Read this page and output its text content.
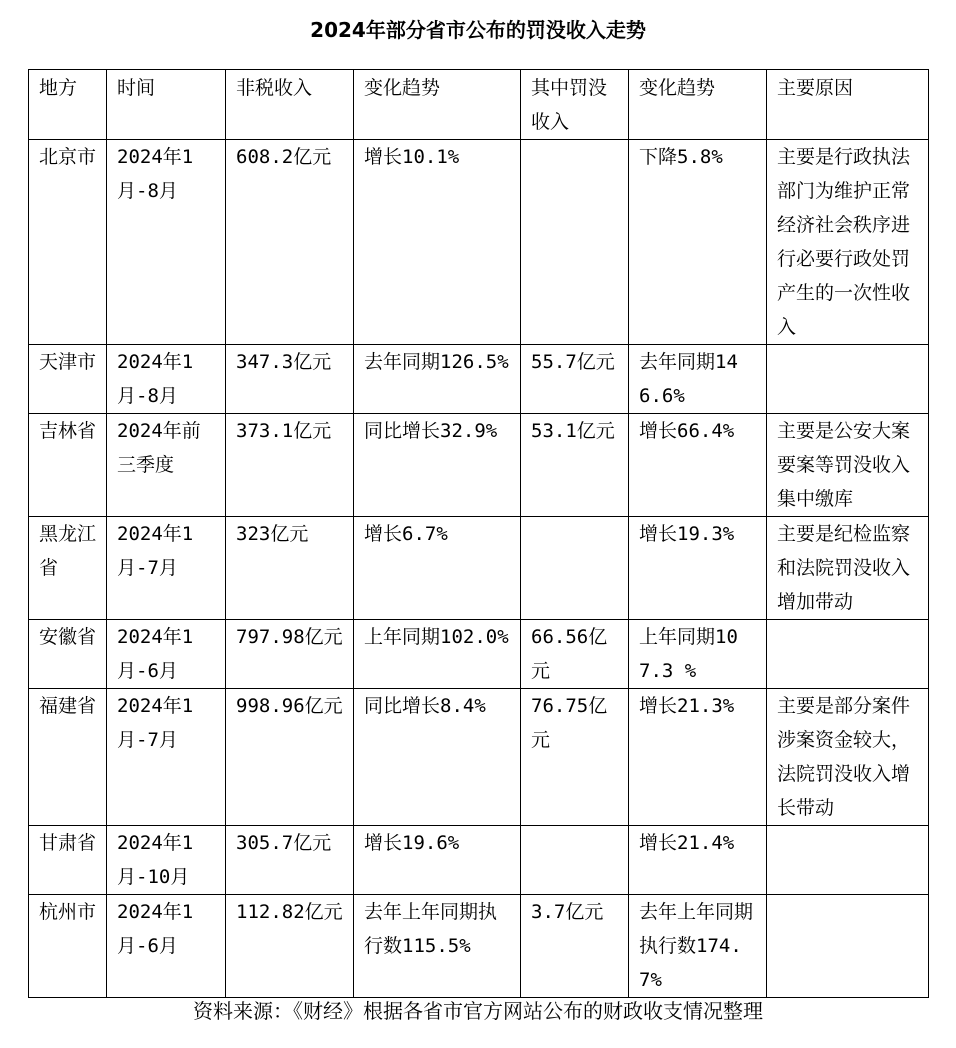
2024年部分省市公布的罚没收入走势
地方	时间	非税收入	变化趋势	其中罚没收入	变化趋势	主要原因
北京市	2024年1月-8月	608.2亿元	增长10.1%		下降5.8%	主要是行政执法部门为维护正常经济社会秩序进行必要行政处罚产生的一次性收入
天津市	2024年1月-8月	347.3亿元	去年同期126.5%	55.7亿元	去年同期146.6%	
吉林省	2024年前三季度	373.1亿元	同比增长32.9%	53.1亿元	增长66.4%	主要是公安大案要案等罚没收入集中缴库
黑龙江省	2024年1月-7月	323亿元	增长6.7%		增长19.3%	主要是纪检监察和法院罚没收入增加带动
安徽省	2024年1月-6月	797.98亿元	上年同期102.0%	66.56亿元	上年同期107.3 %	
福建省	2024年1月-7月	998.96亿元	同比增长8.4%	76.75亿元	增长21.3%	主要是部分案件涉案资金较大，法院罚没收入增长带动
甘肃省	2024年1月-10月	305.7亿元	增长19.6%		增长21.4%	
杭州市	2024年1月-6月	112.82亿元	去年上年同期执行数115.5%	3.7亿元	去年上年同期执行数174.7%	
资料来源：《财经》根据各省市官方网站公布的财政收支情况整理
